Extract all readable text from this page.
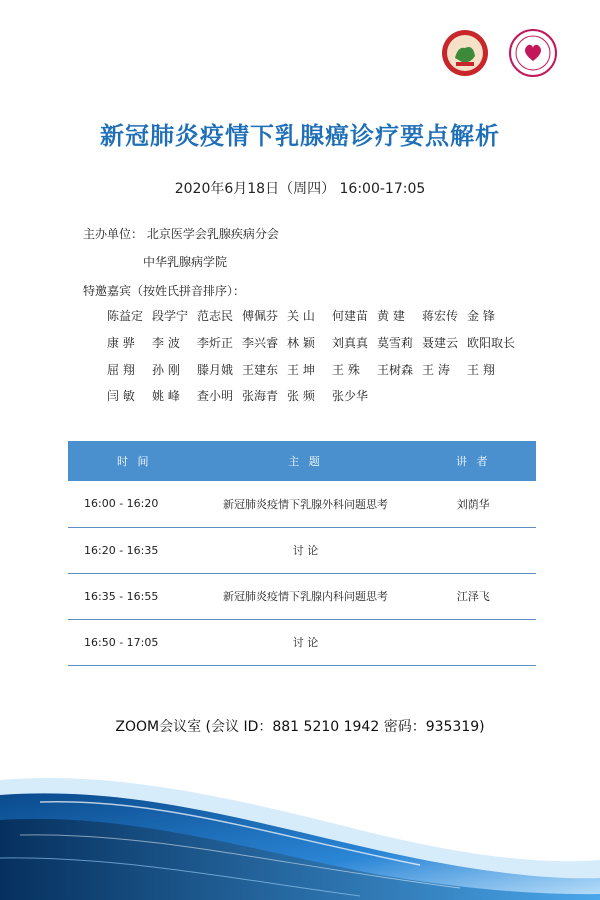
新冠肺炎疫情下乳腺癌诊疗要点解析
2020年6月18日（周四） 16:00-17:05
主办单位： 北京医学会乳腺疾病分会
中华乳腺病学院
特邀嘉宾（按姓氏拼音排序）：
陈益定 段学宁 范志民 傅佩芬 关 山	何建苗 黄 建	蒋宏传 金 锋
康 骅	李 波	李炘正 李兴睿 林 颖	刘真真 莫雪莉 聂建云 欧阳取长
屈 翔	孙 刚	滕月娥 王建东 王 坤	王 殊	王树森 王 涛	王 翔
闫 敏	姚 峰	查小明 张海青 张 频	张少华
时 间	主 题	讲 者
16:00 - 16:20	新冠肺炎疫情下乳腺外科问题思考	刘荫华
16:20 - 16:35	讨 论	
16:35 - 16:55	新冠肺炎疫情下乳腺内科问题思考	江泽飞
16:50 - 17:05	讨 论	
ZOOM会议室 (会议 ID：881 5210 1942 密码：935319)
